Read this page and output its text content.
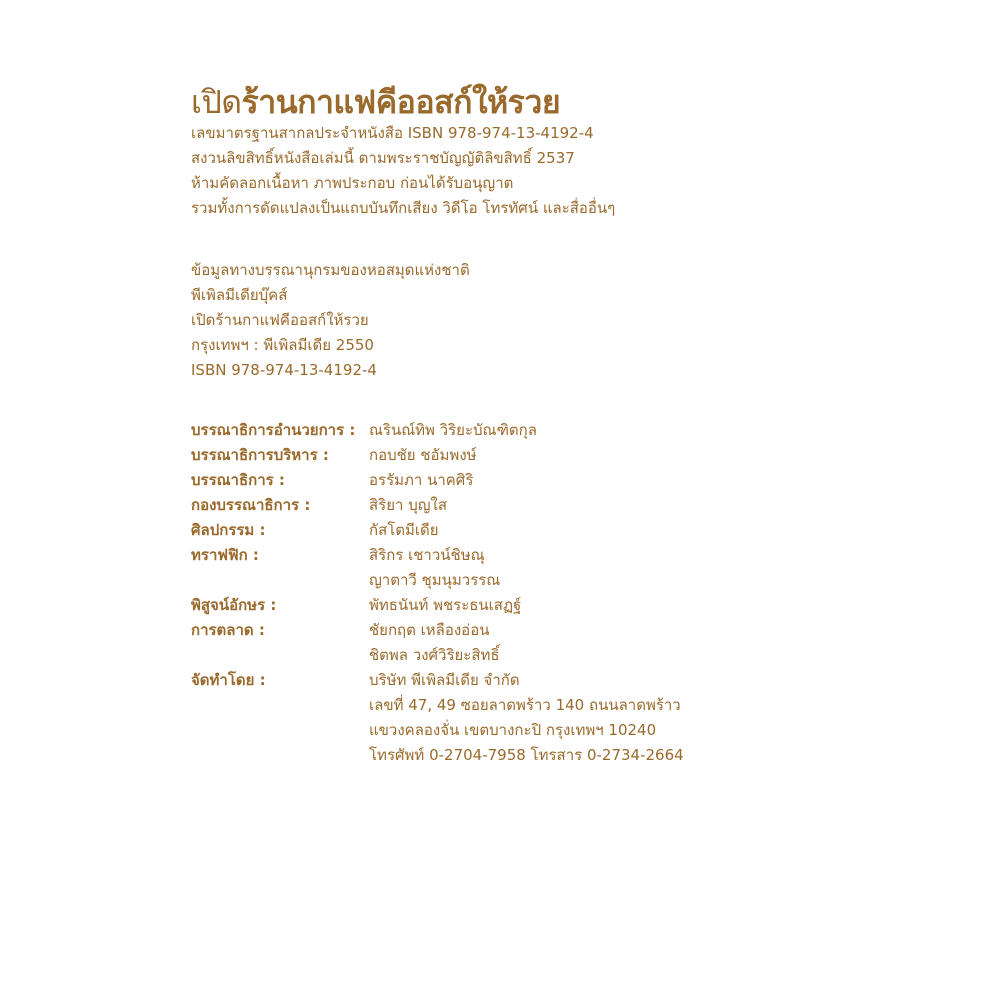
เปิดร้านกาแฟคีออสก์ให้รวย
เลขมาตรฐานสากลประจำหนังสือ ISBN 978-974-13-4192-4
สงวนลิขสิทธิ์หนังสือเล่มนี้ ตามพระราชบัญญัติลิขสิทธิ์ 2537
ห้ามคัดลอกเนื้อหา ภาพประกอบ ก่อนได้รับอนุญาต
รวมทั้งการดัดแปลงเป็นแถบบันทึกเสียง วิดีโอ โทรทัศน์ และสื่ออื่นๆ
ข้อมูลทางบรรณานุกรมของหอสมุดแห่งชาติ
พีเพิลมีเดียบุ๊คส์
เปิดร้านกาแฟคีออสก์ให้รวย
กรุงเทพฯ : พีเพิลมีเดีย 2550
ISBN 978-974-13-4192-4
บรรณาธิการอำนวยการ : ณรินณ์ทิพ วิริยะบัณฑิตกุล
บรรณาธิการบริหาร :	กอบชัย ชอัมพงษ์
บรรณาธิการ :	อรรัมภา นาคศิริ
กองบรรณาธิการ :	สิริยา บุญใส
ศิลปกรรม :	กัสโตมีเดีย
ทราฟฟิก :	สิริกร เชาวน์ชิษณุ
ญาตาวี ชุมนุมวรรณ
พิสูจน์อักษร :	พัทธนันท์ พชระธนเสฏฐ์
การตลาด :	ชัยกฤต เหลืองอ่อน
ชิตพล วงศ์วิริยะสิทธิ์
จัดทำโดย :	บริษัท พีเพิลมีเดีย จำกัด
เลขที่ 47, 49 ซอยลาดพร้าว 140 ถนนลาดพร้าว
แขวงคลองจั่น เขตบางกะปิ กรุงเทพฯ 10240
โทรศัพท์ 0-2704-7958 โทรสาร 0-2734-2664
